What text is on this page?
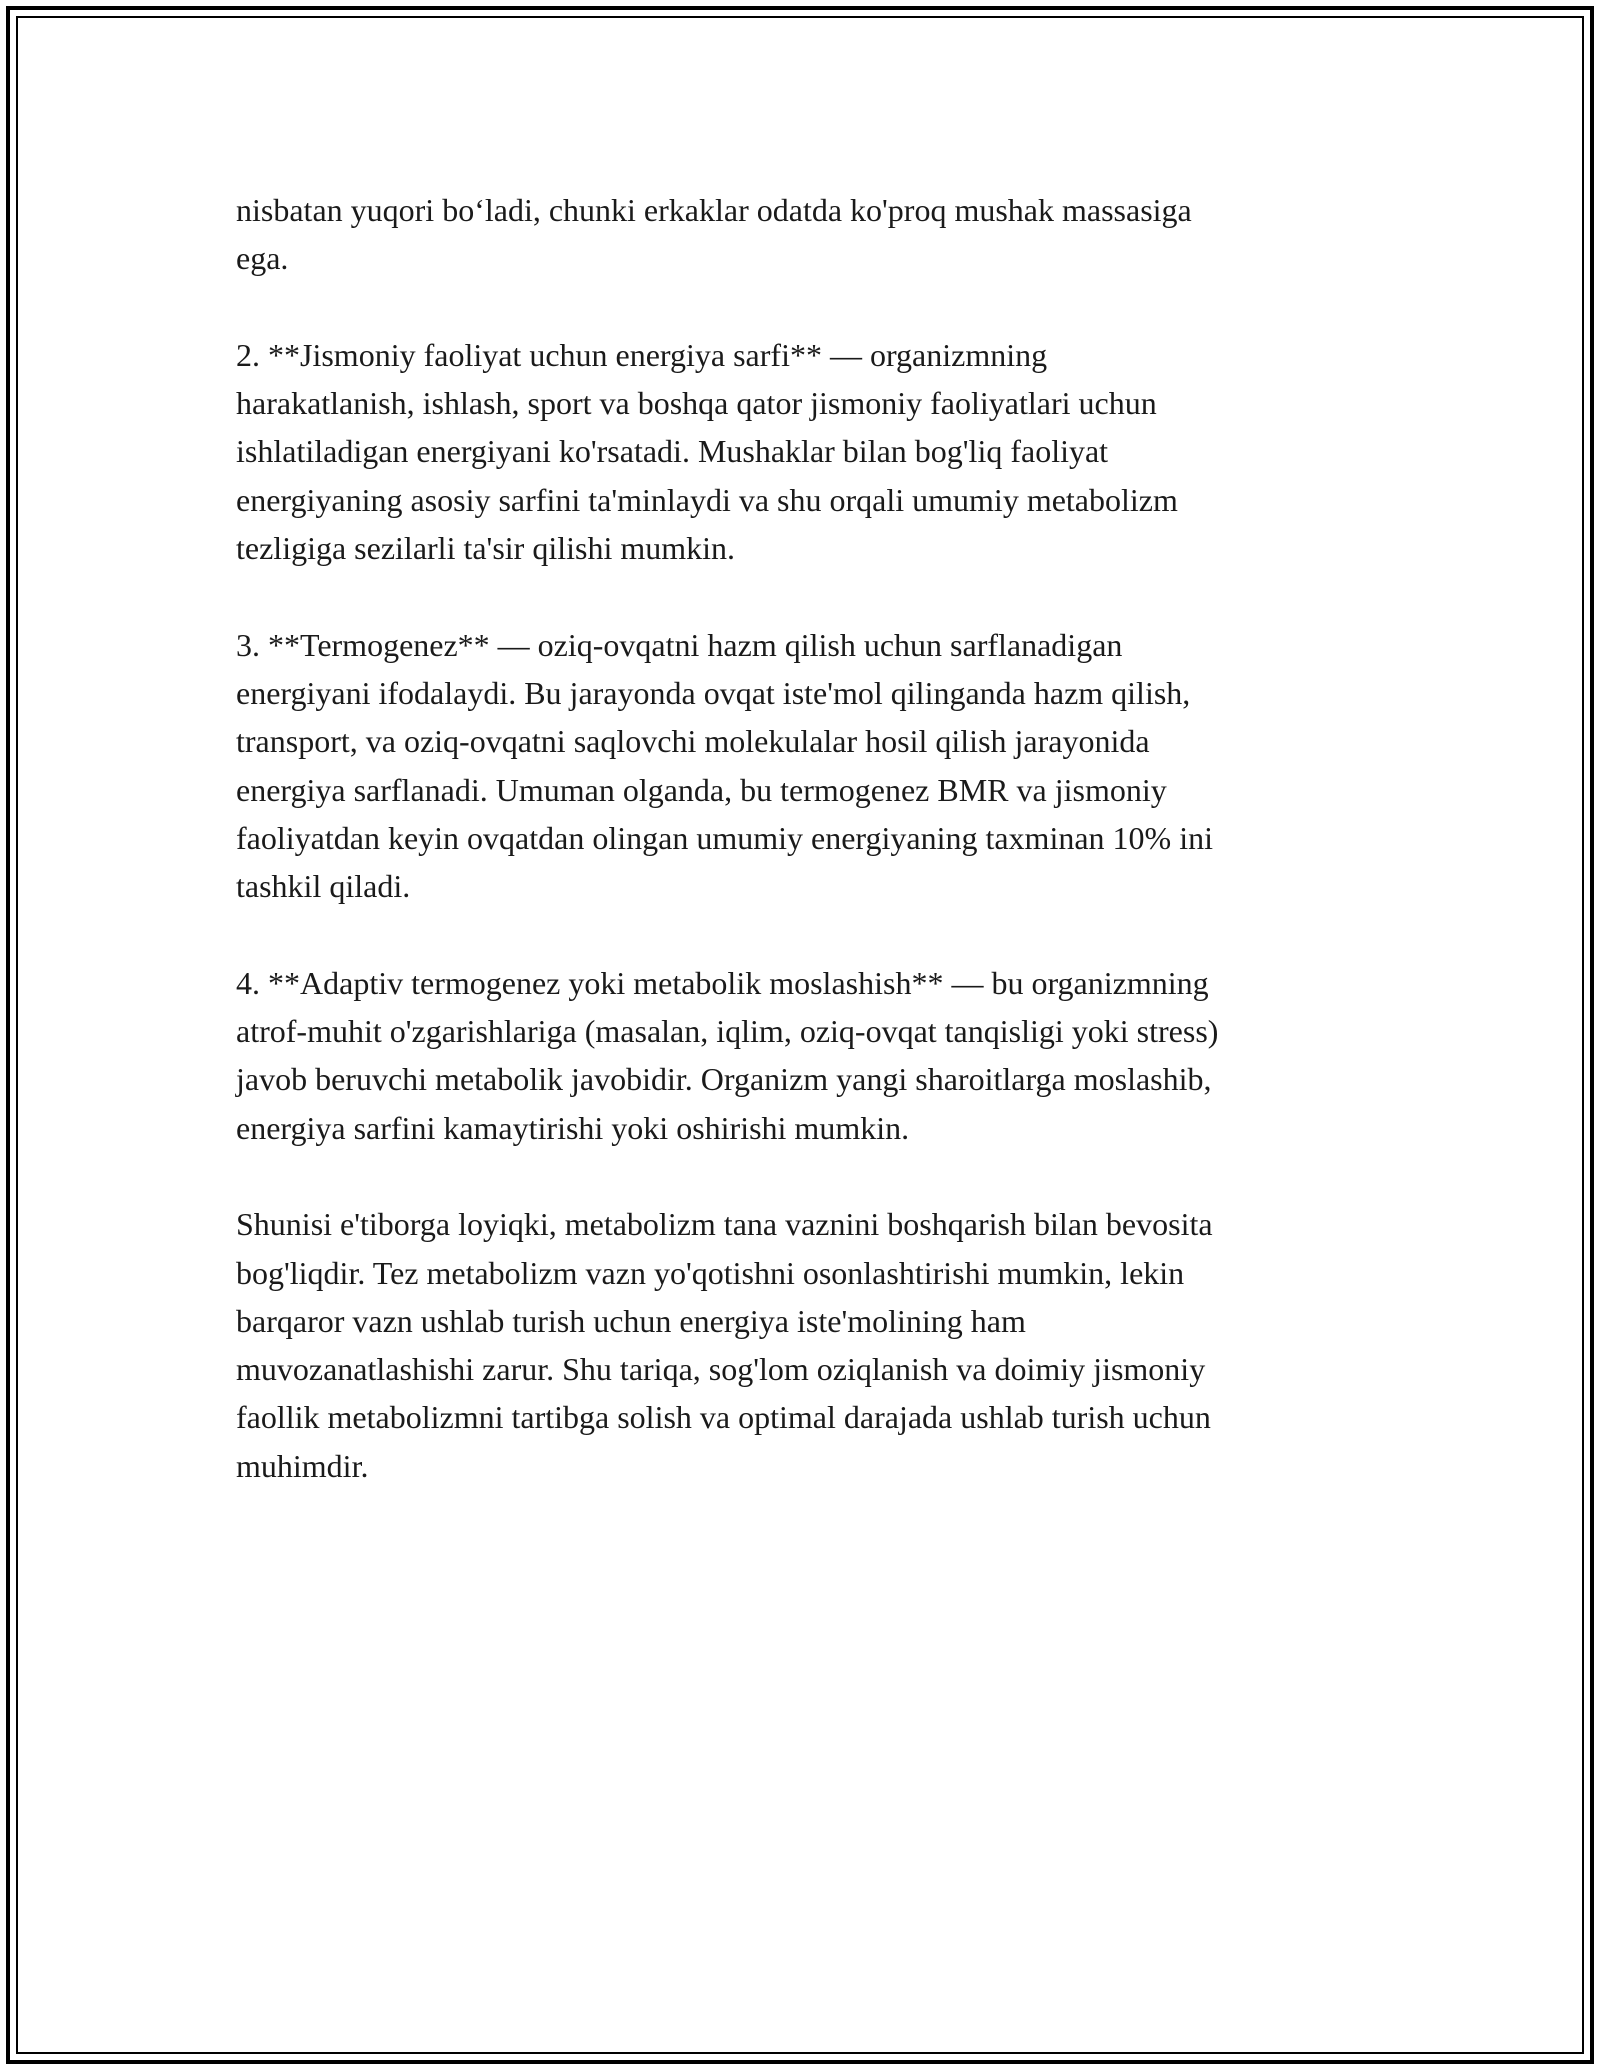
nisbatan yuqori bo‘ladi, chunki erkaklar odatda ko'proq mushak massasiga
ega.

2. **Jismoniy faoliyat uchun energiya sarfi** — organizmning
harakatlanish, ishlash, sport va boshqa qator jismoniy faoliyatlari uchun
ishlatiladigan energiyani ko'rsatadi. Mushaklar bilan bog'liq faoliyat
energiyaning asosiy sarfini ta'minlaydi va shu orqali umumiy metabolizm
tezligiga sezilarli ta'sir qilishi mumkin.

3. **Termogenez** — oziq-ovqatni hazm qilish uchun sarflanadigan
energiyani ifodalaydi. Bu jarayonda ovqat iste'mol qilinganda hazm qilish,
transport, va oziq-ovqatni saqlovchi molekulalar hosil qilish jarayonida
energiya sarflanadi. Umuman olganda, bu termogenez BMR va jismoniy
faoliyatdan keyin ovqatdan olingan umumiy energiyaning taxminan 10% ini
tashkil qiladi.

4. **Adaptiv termogenez yoki metabolik moslashish** — bu organizmning
atrof-muhit o'zgarishlariga (masalan, iqlim, oziq-ovqat tanqisligi yoki stress)
javob beruvchi metabolik javobidir. Organizm yangi sharoitlarga moslashib,
energiya sarfini kamaytirishi yoki oshirishi mumkin.

Shunisi e'tiborga loyiqki, metabolizm tana vaznini boshqarish bilan bevosita
bog'liqdir. Tez metabolizm vazn yo'qotishni osonlashtirishi mumkin, lekin
barqaror vazn ushlab turish uchun energiya iste'molining ham
muvozanatlashishi zarur. Shu tariqa, sog'lom oziqlanish va doimiy jismoniy
faollik metabolizmni tartibga solish va optimal darajada ushlab turish uchun
muhimdir.
